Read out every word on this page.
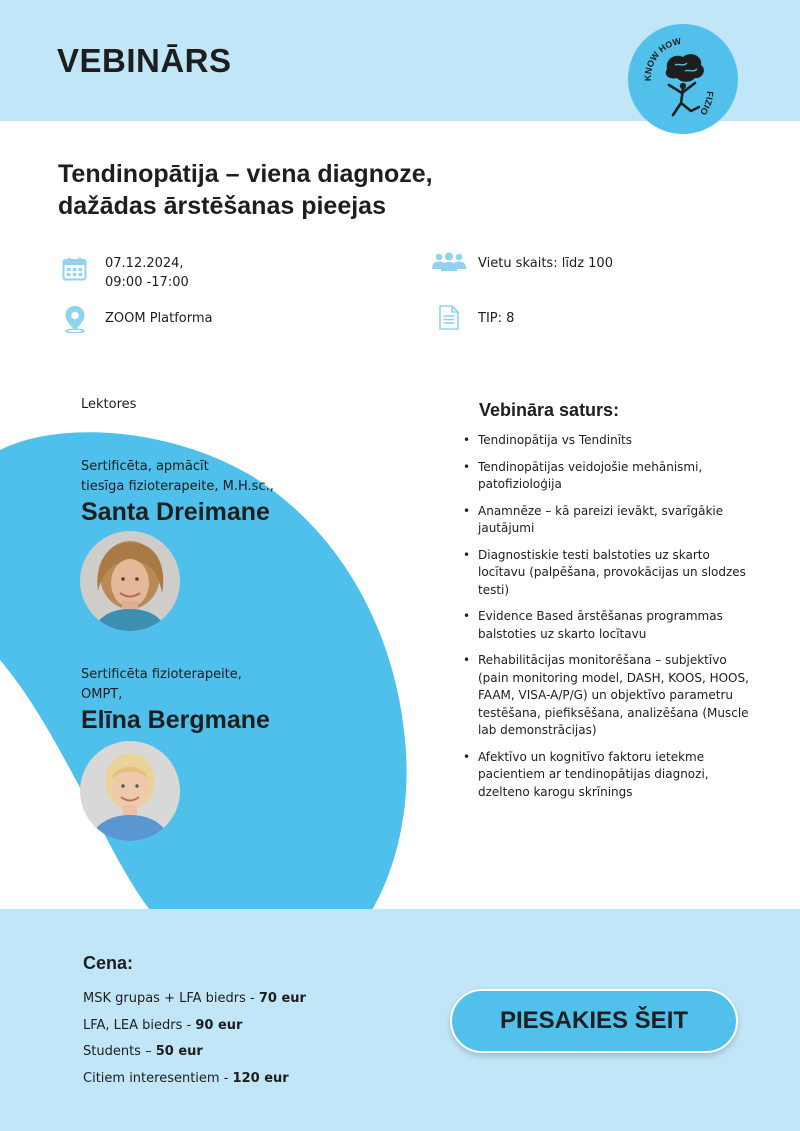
VEBINĀRS	KNOW HOW
FIZIO
Tendinopātija – viena diagnoze,
dažādas ārstēšanas pieejas
07.12.2024,
09:00 -17:00
ZOOM Platforma
Vietu skaits: līdz 100
TIP: 8
Lektores
Sertificēta, apmācīt
tiesīga fizioterapeite, M.H.sc.,
Santa Dreimane
Sertificēta fizioterapeite,
OMPT,
Elīna Bergmane
Vebināra saturs:
• Tendinopātija vs Tendinīts
• Tendinopātijas veidojošie mehānismi, patofizioloģija
• Anamnēze – kā pareizi ievākt, svarīgākie jautājumi
• Diagnostiskie testi balstoties uz skarto locītavu (palpēšana, provokācijas un slodzes testi)
• Evidence Based ārstēšanas programmas balstoties uz skarto locītavu
• Rehabilitācijas monitorēšana – subjektīvo (pain monitoring model, DASH, KOOS, HOOS, FAAM, VISA-A/P/G) un objektīvo parametru testēšana, piefiksēšana, analizēšana (Muscle lab demonstrācijas)
• Afektīvo un kognitīvo faktoru ietekme pacientiem ar tendinopātijas diagnozi, dzelteno karogu skrīnings
Cena:
MSK grupas + LFA biedrs - 70 eur
LFA, LEA biedrs - 90 eur
Students – 50 eur
Citiem interesentiem - 120 eur
PIESAKIES ŠEIT
